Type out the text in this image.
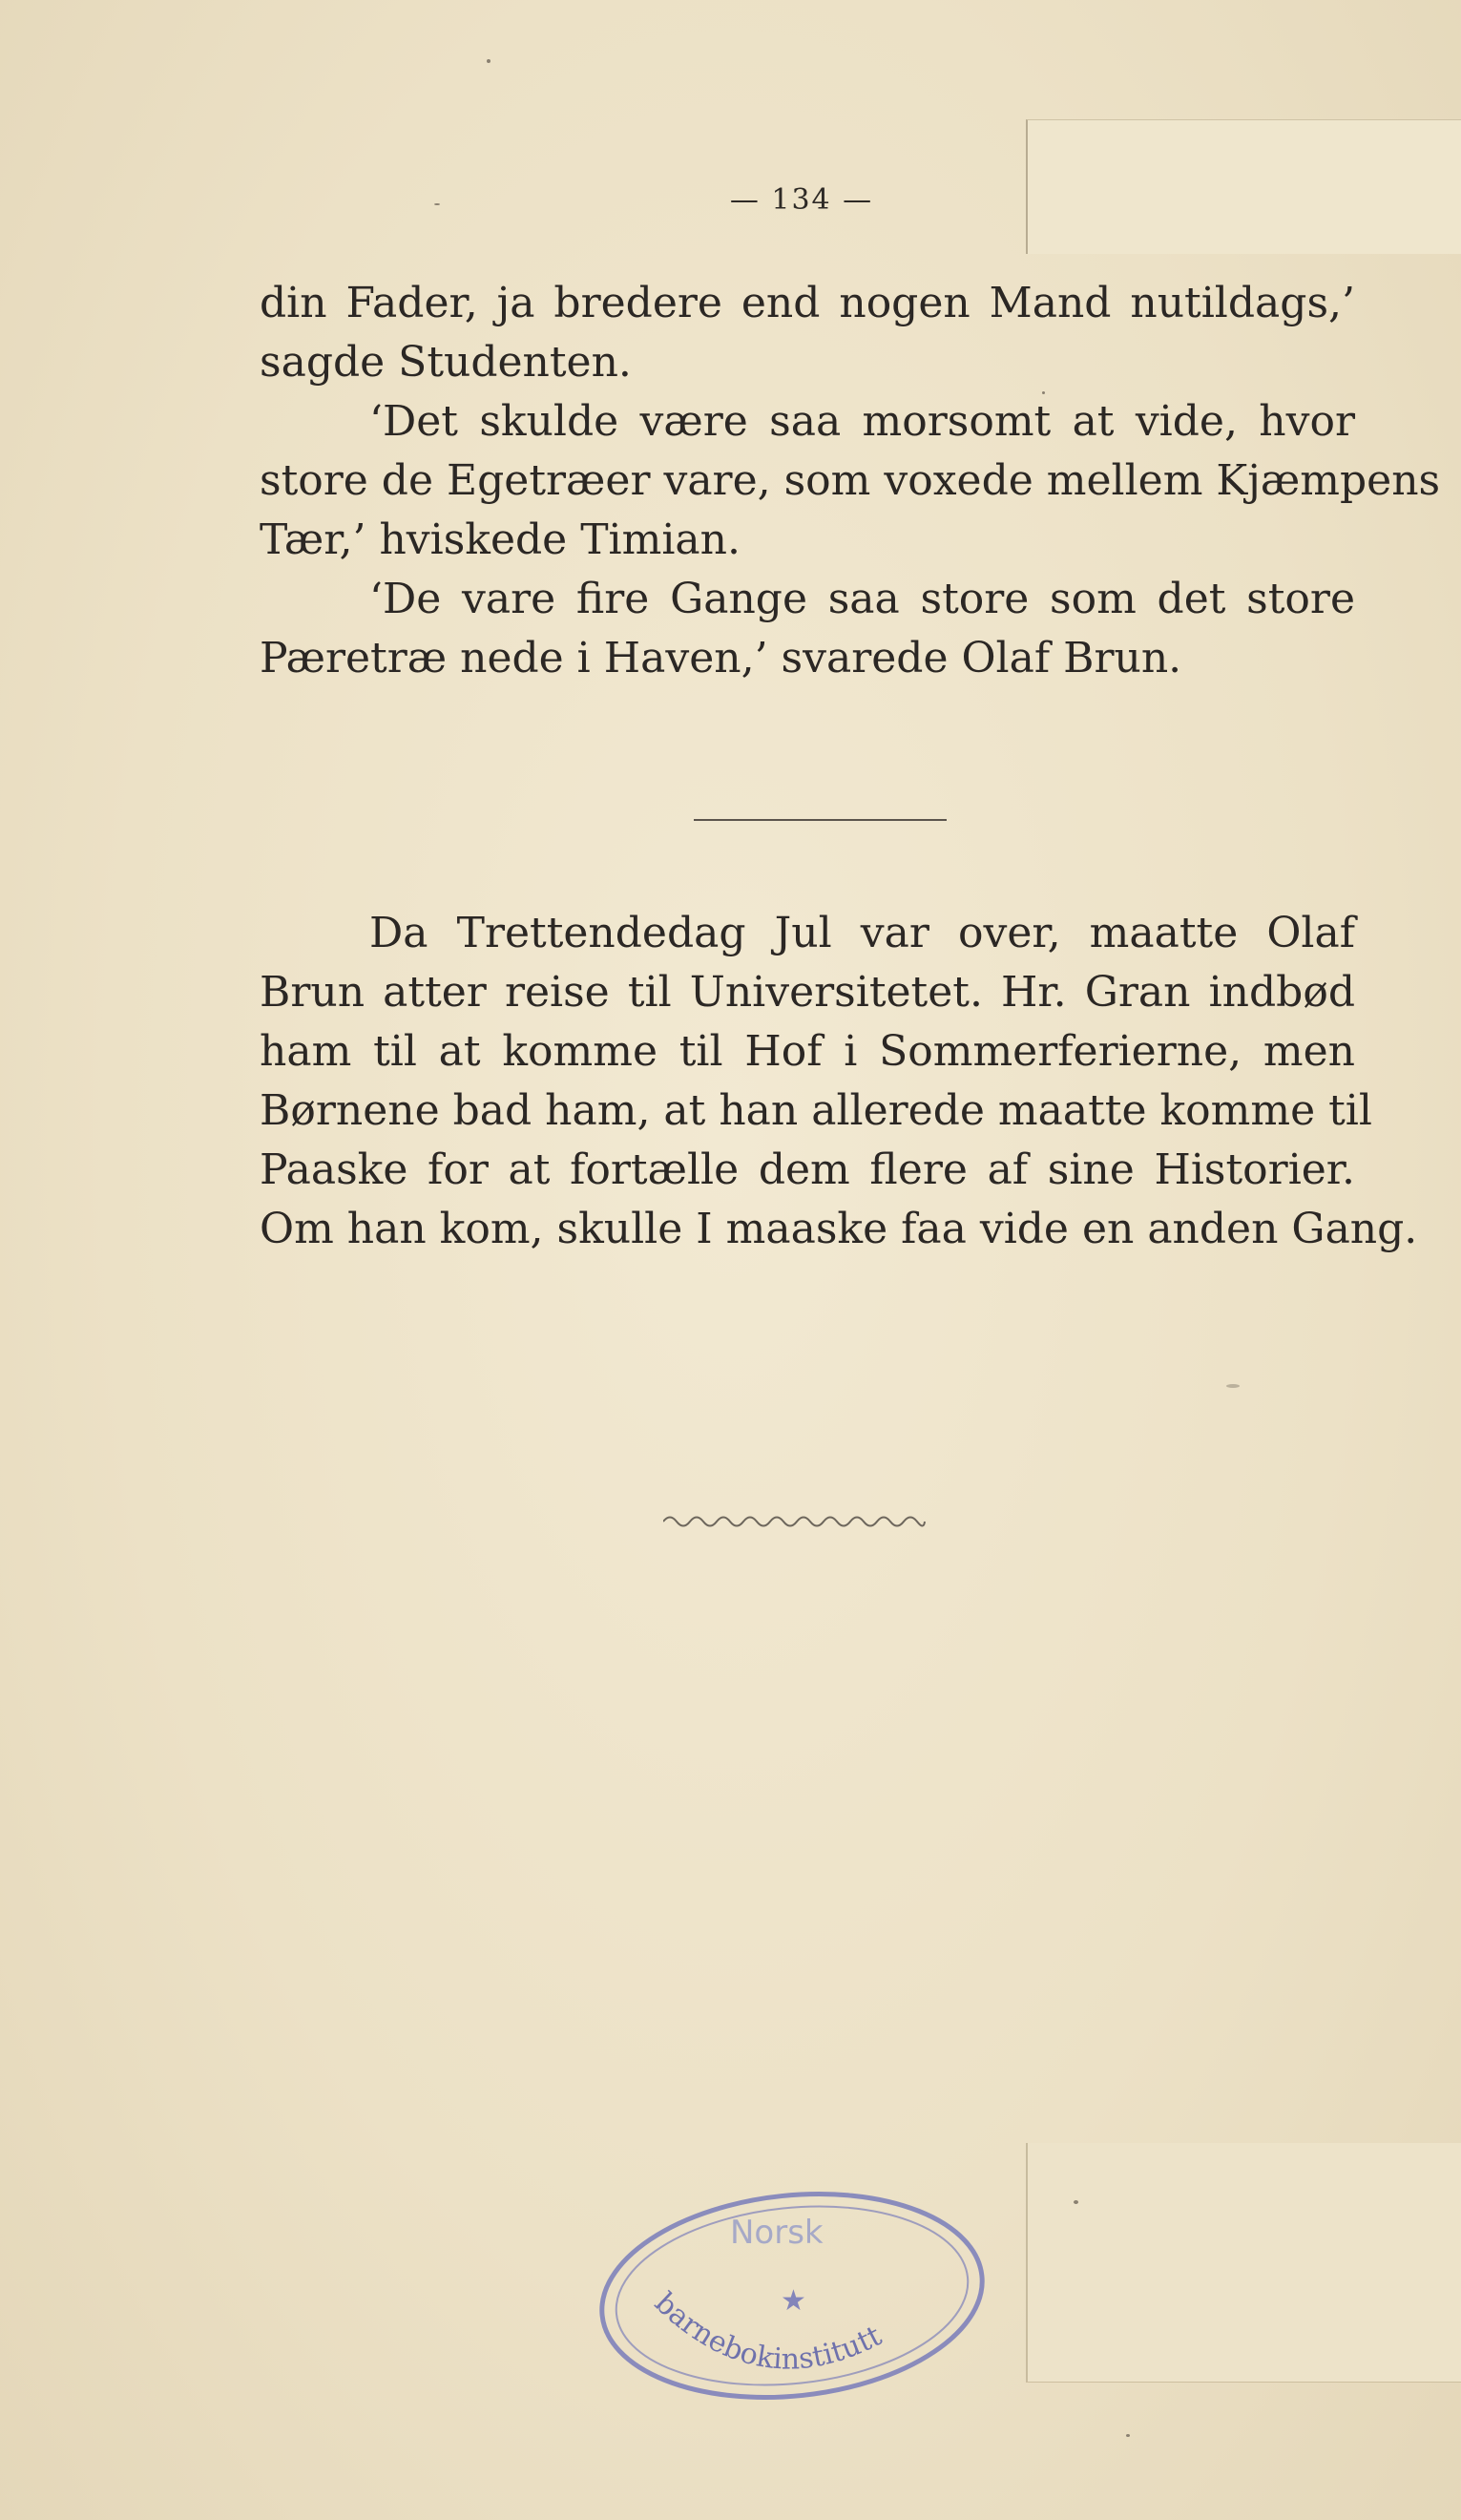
— 134 —
din Fader, ja bredere end nogen Mand nutildags,’
sagde Studenten.
‘Det skulde være saa morsomt at vide, hvor
store de Egetræer vare, som voxede mellem Kjæmpens
Tær,’ hviskede Timian.
‘De vare fire Gange saa store som det store
Pæretræ nede i Haven,’ svarede Olaf Brun.
Da Trettendedag Jul var over, maatte Olaf
Brun atter reise til Universitetet. Hr. Gran indbød
ham til at komme til Hof i Sommerferierne, men
Børnene bad ham, at han allerede maatte komme til
Paaske for at fortælle dem flere af sine Historier.
Om han kom, skulle I maaske faa vide en anden Gang.
Norsk
★
barnebokinstitutt
